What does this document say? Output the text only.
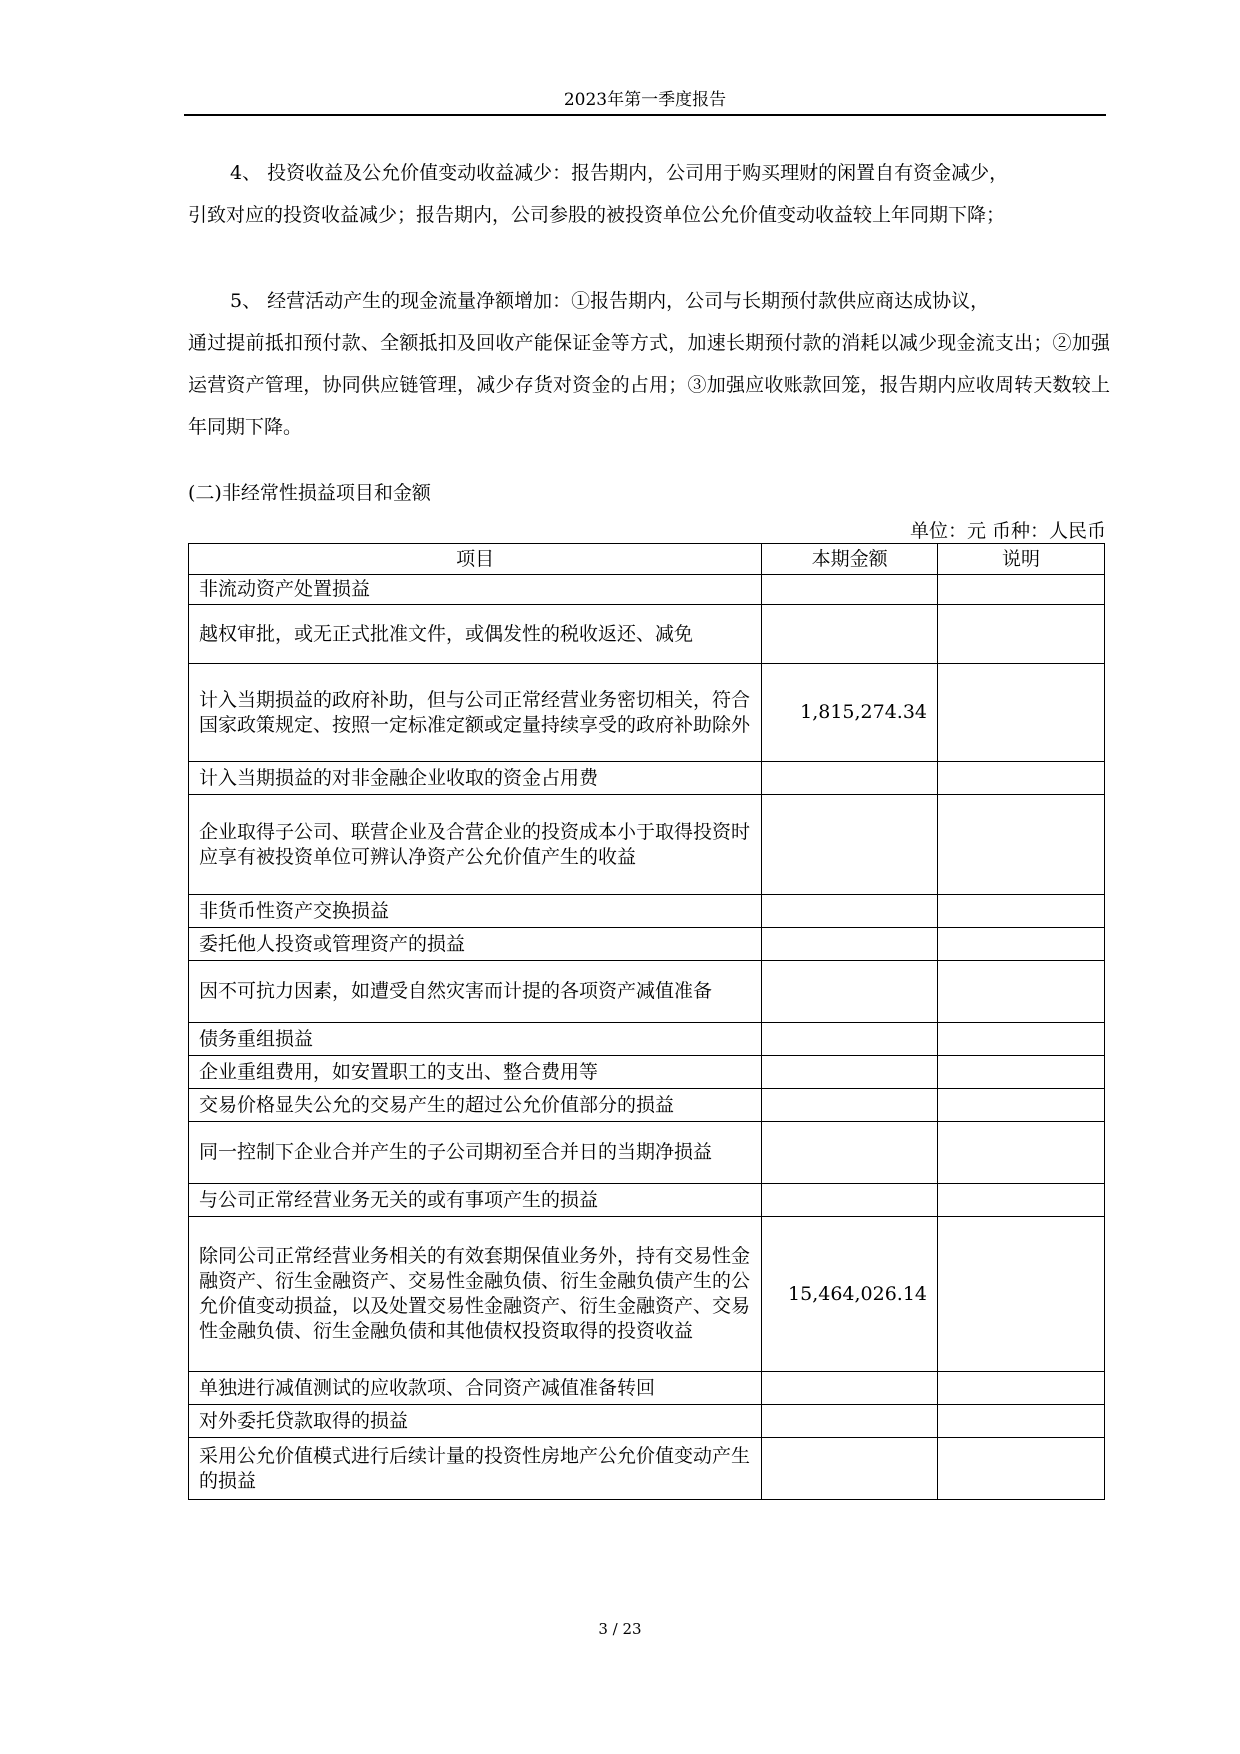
2023年第一季度报告
4、 投资收益及公允价值变动收益减少：报告期内，公司用于购买理财的闲置自有资金减少，
引致对应的投资收益减少；报告期内，公司参股的被投资单位公允价值变动收益较上年同期下降；
5、 经营活动产生的现金流量净额增加：①报告期内，公司与长期预付款供应商达成协议，
通过提前抵扣预付款、全额抵扣及回收产能保证金等方式，加速长期预付款的消耗以减少现金流支出；②加强运营资产管理，协同供应链管理，减少存货对资金的占用；③加强应收账款回笼，报告期内应收周转天数较上年同期下降。
(二)非经常性损益项目和金额
单位：元 币种：人民币
项目	本期金额	说明
非流动资产处置损益		
越权审批，或无正式批准文件，或偶发性的税收返还、减免		
计入当期损益的政府补助，但与公司正常经营业务密切相关，符合国家政策规定、按照一定标准定额或定量持续享受的政府补助除外	1,815,274.34	
计入当期损益的对非金融企业收取的资金占用费		
企业取得子公司、联营企业及合营企业的投资成本小于取得投资时应享有被投资单位可辨认净资产公允价值产生的收益		
非货币性资产交换损益		
委托他人投资或管理资产的损益		
因不可抗力因素，如遭受自然灾害而计提的各项资产减值准备		
债务重组损益		
企业重组费用，如安置职工的支出、整合费用等		
交易价格显失公允的交易产生的超过公允价值部分的损益		
同一控制下企业合并产生的子公司期初至合并日的当期净损益		
与公司正常经营业务无关的或有事项产生的损益		
除同公司正常经营业务相关的有效套期保值业务外，持有交易性金融资产、衍生金融资产、交易性金融负债、衍生金融负债产生的公允价值变动损益，以及处置交易性金融资产、衍生金融资产、交易性金融负债、衍生金融负债和其他债权投资取得的投资收益	15,464,026.14	
单独进行减值测试的应收款项、合同资产减值准备转回		
对外委托贷款取得的损益		
采用公允价值模式进行后续计量的投资性房地产公允价值变动产生的损益		
3 / 23
